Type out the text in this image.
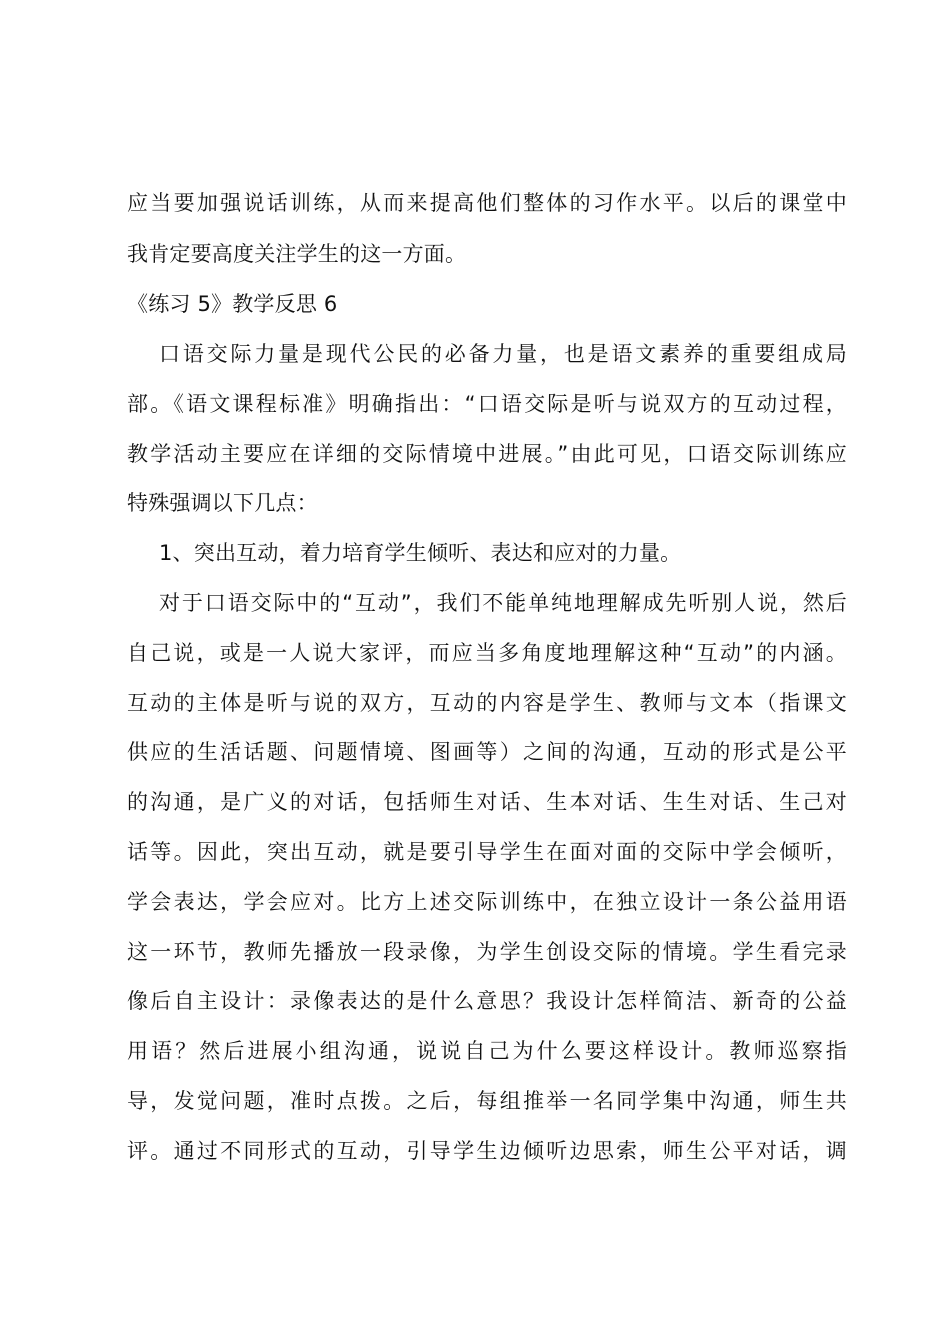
应当要加强说话训练，从而来提高他们整体的习作水平。以后的课堂中
我肯定要高度关注学生的这一方面。
《练习 5》教学反思 6
口语交际力量是现代公民的必备力量，也是语文素养的重要组成局
部。《语文课程标准》明确指出：“口语交际是听与说双方的互动过程，
教学活动主要应在详细的交际情境中进展。”由此可见，口语交际训练应
特殊强调以下几点：
1、突出互动，着力培育学生倾听、表达和应对的力量。
对于口语交际中的“互动”，我们不能单纯地理解成先听别人说，然后
自己说，或是一人说大家评，而应当多角度地理解这种“互动”的内涵。
互动的主体是听与说的双方，互动的内容是学生、教师与文本（指课文
供应的生活话题、问题情境、图画等）之间的沟通，互动的形式是公平
的沟通，是广义的对话，包括师生对话、生本对话、生生对话、生己对
话等。因此，突出互动，就是要引导学生在面对面的交际中学会倾听，
学会表达，学会应对。比方上述交际训练中，在独立设计一条公益用语
这一环节，教师先播放一段录像，为学生创设交际的情境。学生看完录
像后自主设计：录像表达的是什么意思？我设计怎样简洁、新奇的公益
用语？然后进展小组沟通，说说自己为什么要这样设计。教师巡察指
导，发觉问题，准时点拨。之后，每组推举一名同学集中沟通，师生共
评。通过不同形式的互动，引导学生边倾听边思索，师生公平对话，调
